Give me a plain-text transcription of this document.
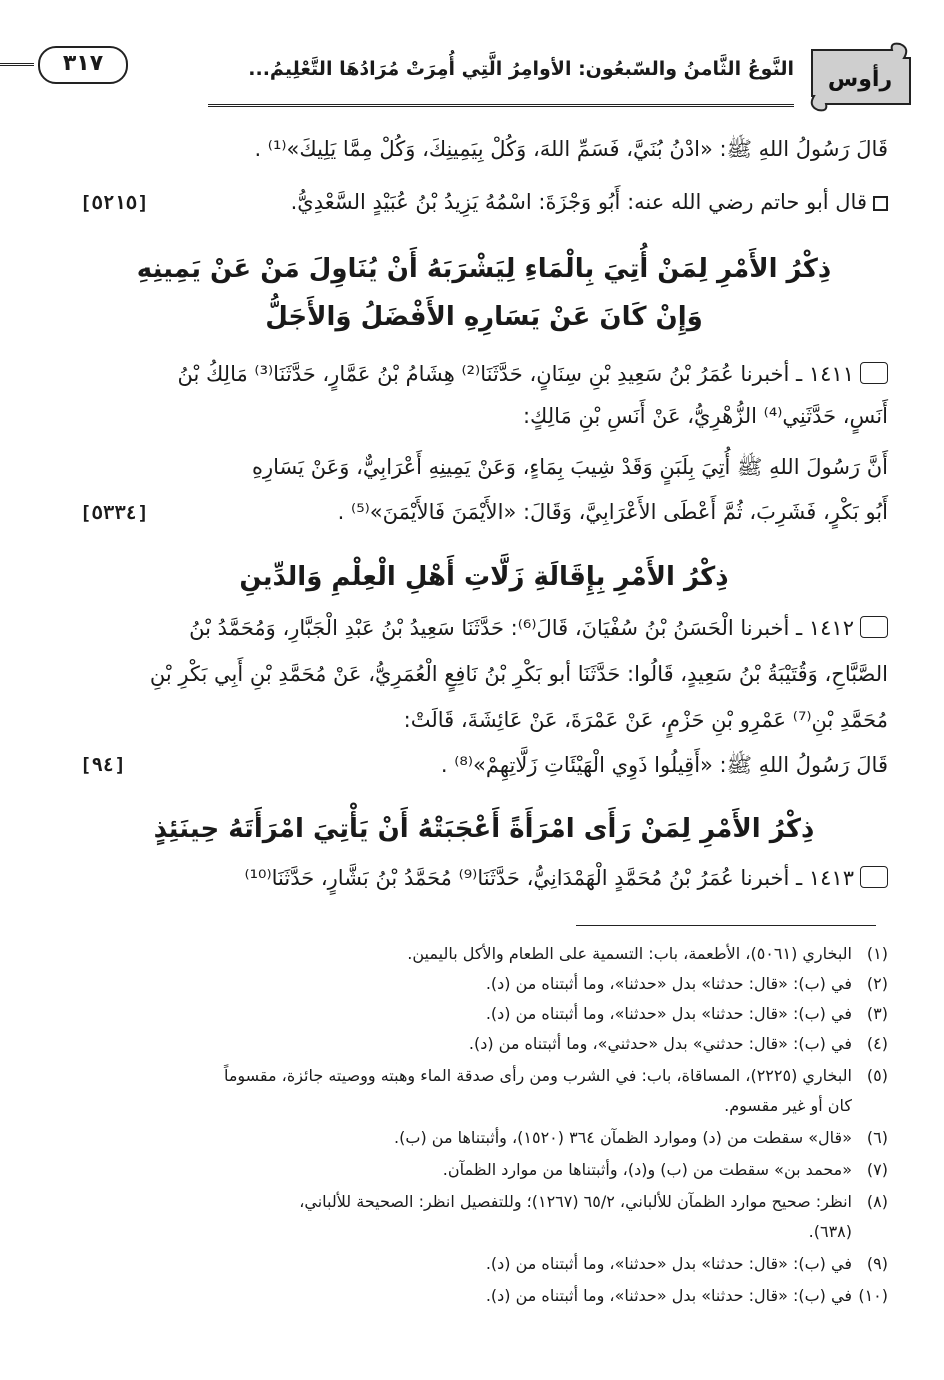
رأوس
النَّوعُ الثَّامنُ والسّبعُون: الأوامِرُ الَّتِي أُمِرَتْ مُرَادُهَا التَّعْلِيمُ...
٣١٧
قَالَ رَسُولُ اللهِ ﷺ: «ادْنُ بُنَيَّ، فَسَمِّ اللهَ، وَكُلْ بِيَمِينِكَ، وَكُلْ مِمَّا يَلِيكَ»⁽¹⁾ .
قال أبو حاتم رضي الله عنه: أَبُو وَجْزَةَ: اسْمُهُ يَزِيدُ بْنُ عُبَيْدٍ السَّعْدِيُّ.
[٥٢١٥]
ذِكْرُ الأَمْرِ لِمَنْ أُتِيَ بِالْمَاءِ لِيَشْرَبَهُ أَنْ يُنَاوِلَ مَنْ عَنْ يَمِينِهِ
وَإِنْ كَانَ عَنْ يَسَارِهِ الأَفْضَلُ وَالأَجَلُّ
١٤١١ ـ أخبرنا عُمَرُ بْنُ سَعِيدِ بْنِ سِنَانٍ، حَدَّثَنَا⁽²⁾ هِشَامُ بْنُ عَمَّارٍ، حَدَّثَنَا⁽³⁾ مَالِكُ بْنُ
أَنَسٍ، حَدَّثَنِي⁽⁴⁾ الزُّهْرِيُّ، عَنْ أَنَسِ بْنِ مَالِكٍ:
أَنَّ رَسُولَ اللهِ ﷺ أُتِيَ بِلَبَنٍ وَقَدْ شِيبَ بِمَاءٍ، وَعَنْ يَمِينِهِ أَعْرَابِيٌّ، وَعَنْ يَسَارِهِ
أَبُو بَكْرٍ، فَشَرِبَ، ثُمَّ أَعْطَى الأَعْرَابِيَّ، وَقَالَ: «الأَيْمَنَ فَالأَيْمَنَ»⁽⁵⁾ .
[٥٣٣٤]
ذِكْرُ الأَمْرِ بِإِقَالَةِ زَلَّاتِ أَهْلِ الْعِلْمِ وَالدِّينِ
١٤١٢ ـ أخبرنا الْحَسَنُ بْنُ سُفْيَانَ، قَالَ⁽⁶⁾: حَدَّثَنَا سَعِيدُ بْنُ عَبْدِ الْجَبَّارِ، وَمُحَمَّدُ بْنُ
الصَّبَّاحِ، وَقُتَيْبَةُ بْنُ سَعِيدٍ، قَالُوا: حَدَّثَنَا أبو بَكْرِ بْنُ نَافِعٍ الْعُمَرِيُّ، عَنْ مُحَمَّدِ بْنِ أَبِي بَكْرِ بْنِ
مُحَمَّدِ بْنِ⁽⁷⁾ عَمْرِو بْنِ حَزْمٍ، عَنْ عَمْرَةَ، عَنْ عَائِشَةَ، قَالَتْ:
قَالَ رَسُولُ اللهِ ﷺ: «أَقِيلُوا ذَوِي الْهَيْئَاتِ زَلَّاتِهِمْ»⁽⁸⁾ .
[٩٤]
ذِكْرُ الأَمْرِ لِمَنْ رَأَى امْرَأَةً أَعْجَبَتْهُ أَنْ يَأْتِيَ امْرَأَتَهُ حِينَئِذٍ
١٤١٣ ـ أخبرنا عُمَرُ بْنُ مُحَمَّدٍ الْهَمْدَانِيُّ، حَدَّثَنَا⁽⁹⁾ مُحَمَّدُ بْنُ بَشَّارٍ، حَدَّثَنَا⁽¹⁰⁾
(١)البخاري (٥٠٦١)، الأطعمة، باب: التسمية على الطعام والأكل باليمين.
(٢)في (ب): «قال: حدثنا» بدل «حدثنا»، وما أثبتناه من (د).
(٣)في (ب): «قال: حدثنا» بدل «حدثنا»، وما أثبتناه من (د).
(٤)في (ب): «قال: حدثني» بدل «حدثني»، وما أثبتناه من (د).
(٥)البخاري (٢٢٢٥)، المساقاة، باب: في الشرب ومن رأى صدقة الماء وهبته ووصيته جائزة، مقسوماً
كان أو غير مقسوم.
(٦)«قال» سقطت من (د) وموارد الظمآن ٣٦٤ (١٥٢٠)، وأثبتناها من (ب).
(٧)«محمد بن» سقطت من (ب) و(د)، وأثبتناها من موارد الظمآن.
(٨)انظر: صحيح موارد الظمآن للألباني، ٦٥/٢ (١٢٦٧)؛ وللتفصيل انظر: الصحيحة للألباني،
(٦٣٨).
(٩)في (ب): «قال: حدثنا» بدل «حدثنا»، وما أثبتناه من (د).
(١٠)في (ب): «قال: حدثنا» بدل «حدثنا»، وما أثبتناه من (د).
